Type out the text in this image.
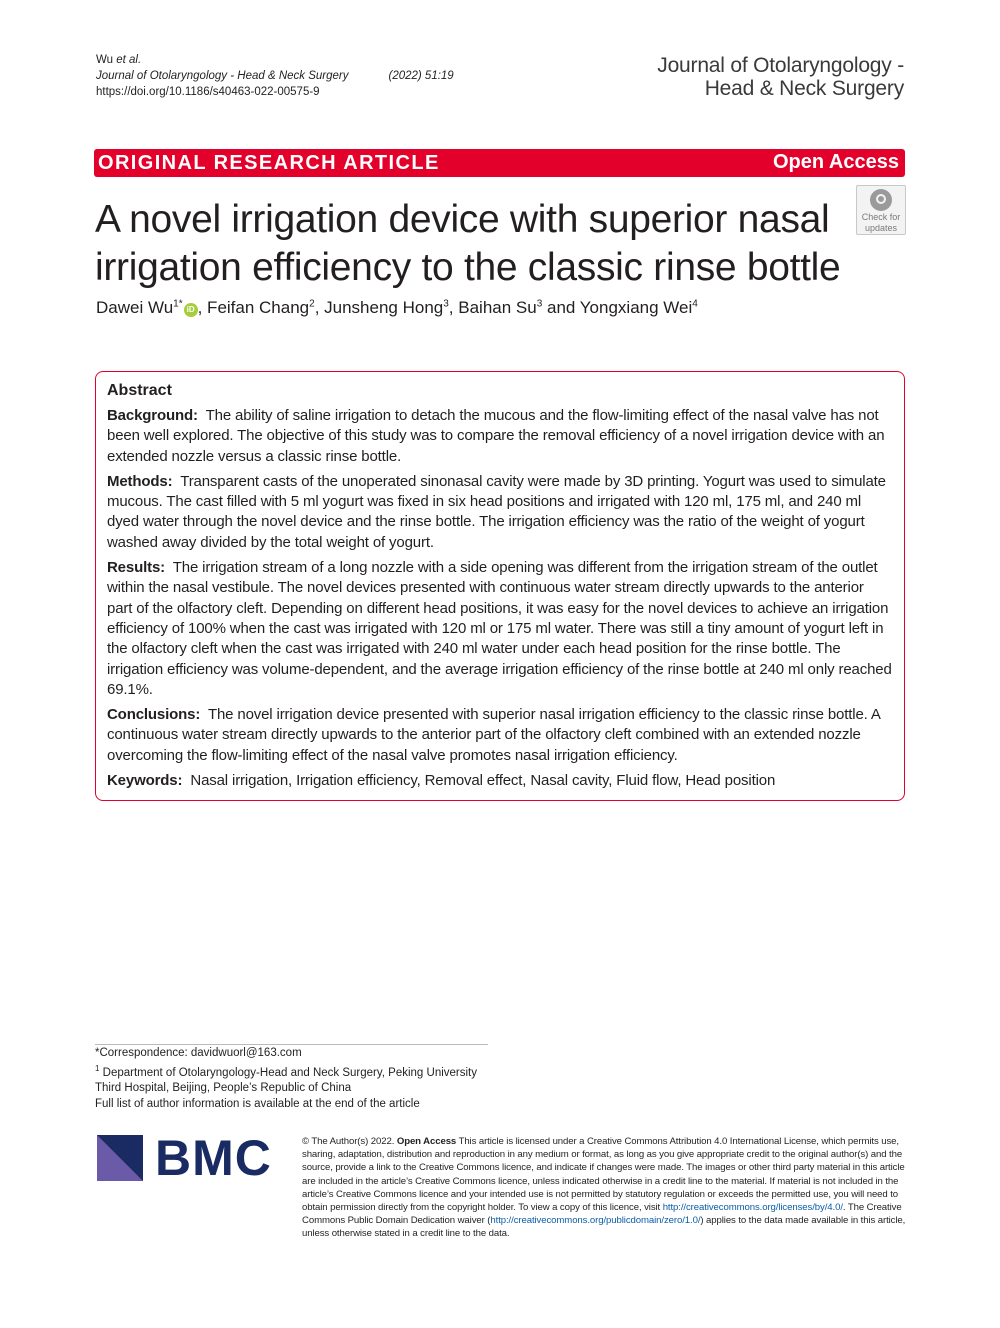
Wu et al.
Journal of Otolaryngology - Head & Neck Surgery	(2022) 51:19
https://doi.org/10.1186/s40463-022-00575-9
Journal of Otolaryngology -
Head & Neck Surgery
ORIGINAL RESEARCH ARTICLE	Open Access
Check for
updates
A novel irrigation device with superior nasal irrigation efficiency to the classic rinse bottle
Dawei $Wu^{1*}iD$ , Feifan Chang$^2$, Junsheng Hong$^3$, Baihan Su$^3$ and Yongxiang Wei$^4$
Abstract
Background: The ability of saline irrigation to detach the mucous and the flow-limiting effect of the nasal valve has not been well explored. The objective of this study was to compare the removal efficiency of a novel irrigation device with an extended nozzle versus a classic rinse bottle.
Methods: Transparent casts of the unoperated sinonasal cavity were made by 3D printing. Yogurt was used to simulate mucous. The cast filled with 5 ml yogurt was fixed in six head positions and irrigated with 120 ml, 175 ml, and 240 ml dyed water through the novel device and the rinse bottle. The irrigation efficiency was the ratio of the weight of yogurt washed away divided by the total weight of yogurt.
Results: The irrigation stream of a long nozzle with a side opening was different from the irrigation stream of the outlet within the nasal vestibule. The novel devices presented with continuous water stream directly upwards to the anterior part of the olfactory cleft. Depending on different head positions, it was easy for the novel devices to achieve an irrigation efficiency of 100% when the cast was irrigated with 120 ml or 175 ml water. There was still a tiny amount of yogurt left in the olfactory cleft when the cast was irrigated with 240 ml water under each head position for the rinse bottle. The irrigation efficiency was volume-dependent, and the average irrigation efficiency of the rinse bottle at 240 ml only reached 69.1%.
Conclusions: The novel irrigation device presented with superior nasal irrigation efficiency to the classic rinse bottle. A continuous water stream directly upwards to the anterior part of the olfactory cleft combined with an extended nozzle overcoming the flow-limiting effect of the nasal valve promotes nasal irrigation efficiency.
Keywords: Nasal irrigation, Irrigation efficiency, Removal effect, Nasal cavity, Fluid flow, Head position
*Correspondence: davidwuorl@163.com
$^1$ Department of Otolaryngology-Head and Neck Surgery, Peking University Third Hospital, Beijing, People’s Republic of China
Full list of author information is available at the end of the article
BMC	© The Author(s) 2022. Open Access This article is licensed under a Creative Commons Attribution 4.0 International License, which permits use, sharing, adaptation, distribution and reproduction in any medium or format, as long as you give appropriate credit to the original author(s) and the source, provide a link to the Creative Commons licence, and indicate if changes were made. The images or other third party material in this article are included in the article’s Creative Commons licence, unless indicated otherwise in a credit line to the material. If material is not included in the article’s Creative Commons licence and your intended use is not permitted by statutory regulation or exceeds the permitted use, you will need to obtain permission directly from the copyright holder. To view a copy of this licence, visit http://creativecommons.org/licenses/by/4.0/. The Creative Commons Public Domain Dedication waiver (http://creativecommons.org/publicdomain/zero/1.0/) applies to the data made available in this article, unless otherwise stated in a credit line to the data.
